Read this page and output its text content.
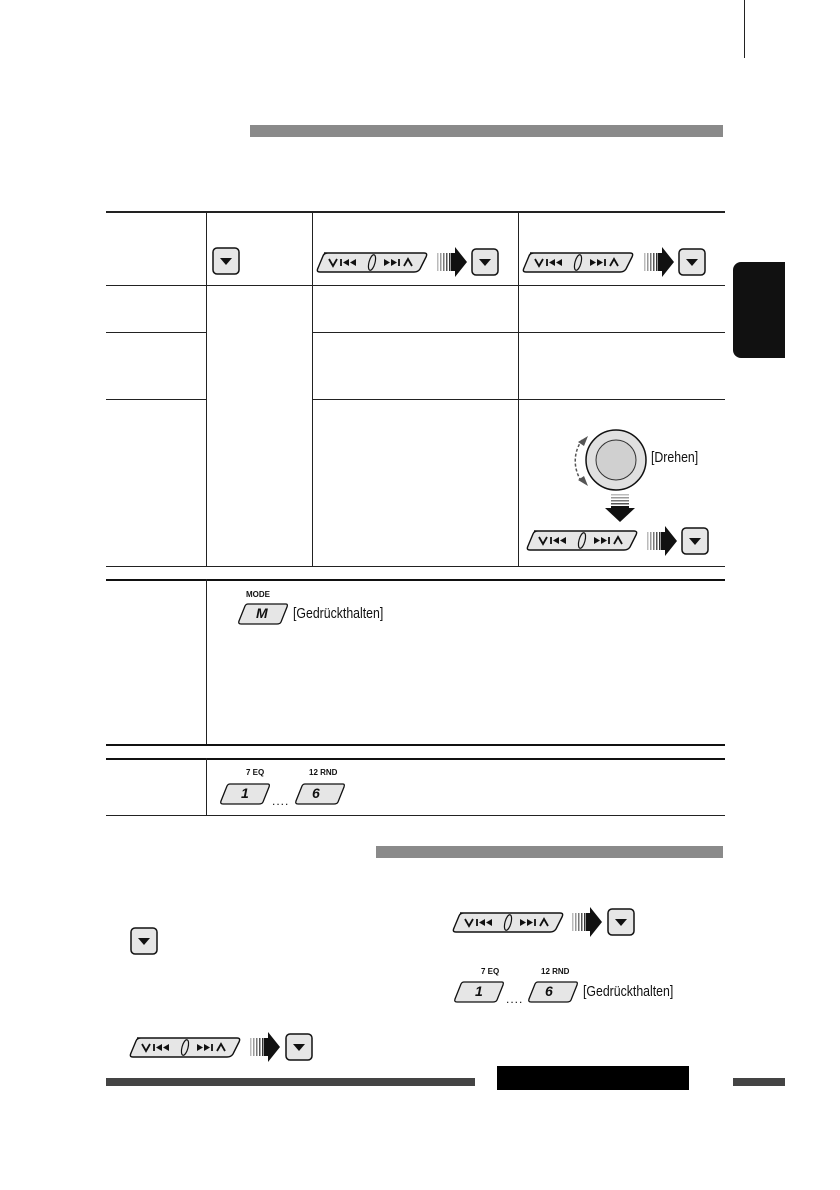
[Drehen]
MODE
M [Gedrückthalten]
7 EQ	12 RND
1 .... 6
7 EQ	12 RND
1 .... 6 [Gedrückthalten]
